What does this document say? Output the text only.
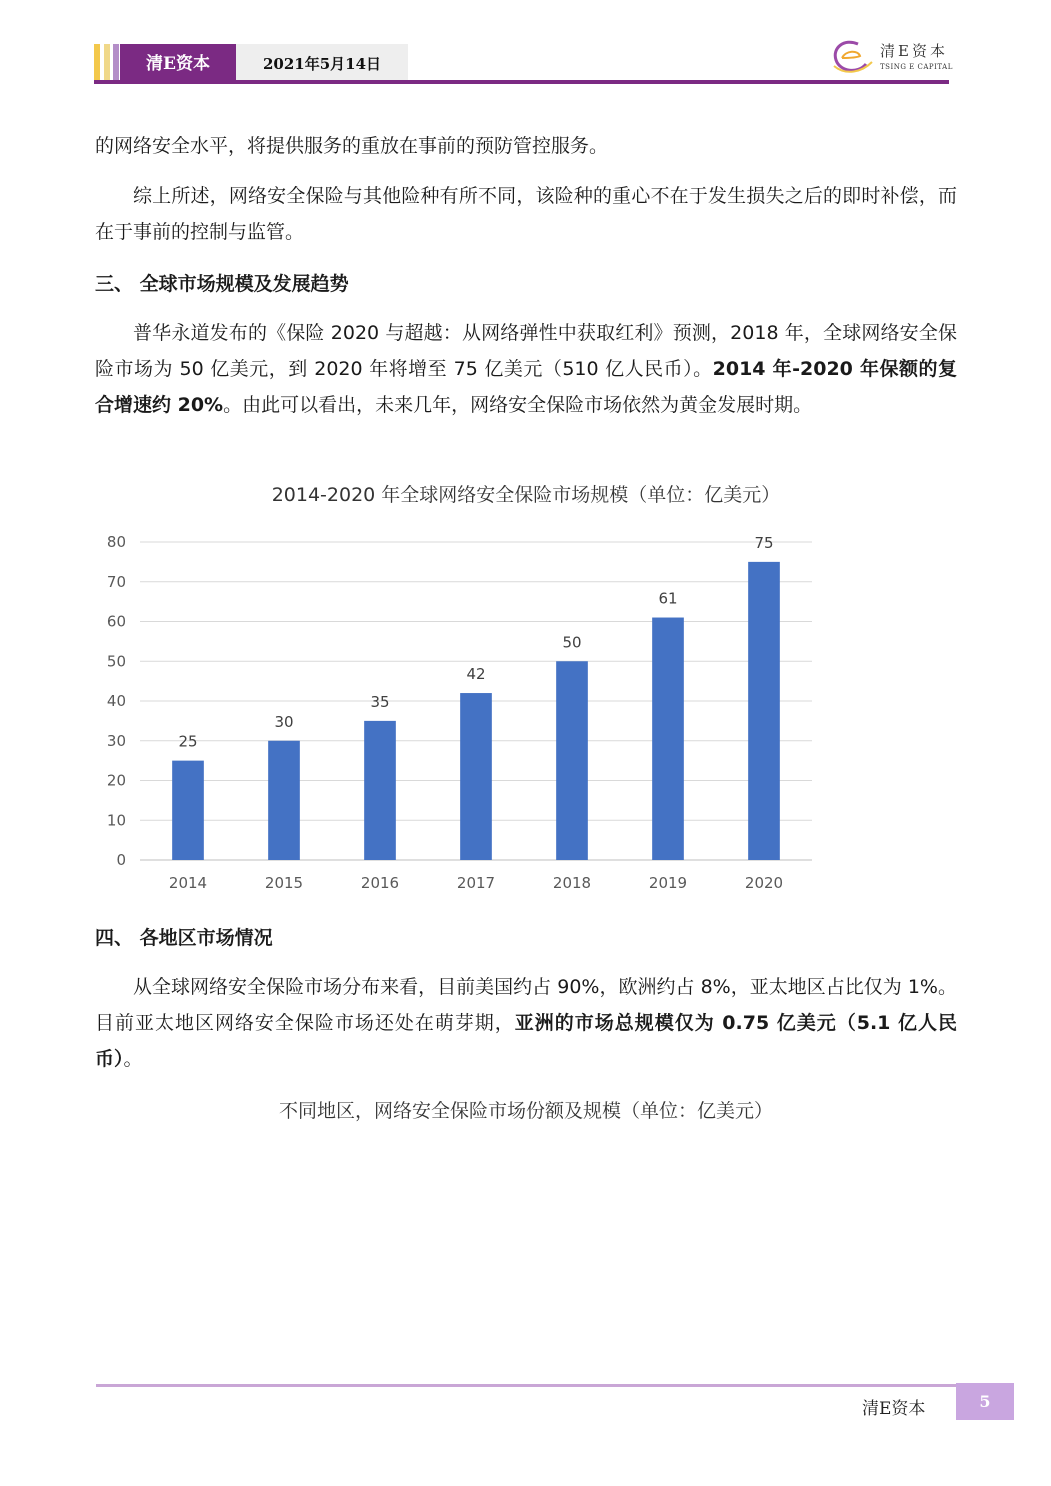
清E资本	2021年5月14日
清E资本
TSING E CAPITAL

的网络安全水平，将提供服务的重放在事前的预防管控服务。

综上所述，网络安全保险与其他险种有所不同，该险种的重心不在于发生损失之后的即时补偿，而在于事前的控制与监管。

三、 全球市场规模及发展趋势

普华永道发布的《保险 2020 与超越：从网络弹性中获取红利》预测，2018 年，全球网络安全保险市场为 50 亿美元，到 2020 年将增至 75 亿美元（510 亿人民币）。2014 年-2020 年保额的复合增速约 20%。由此可以看出，未来几年，网络安全保险市场依然为黄金发展时期。

2014-2020 年全球网络安全保险市场规模（单位：亿美元）
0
10
20
30
40
50
60
70
80
25
2014
30
2015
35
2016
42
2017
50
2018
61
2019
75
2020
四、 各地区市场情况

从全球网络安全保险市场分布来看，目前美国约占 90%，欧洲约占 8%，亚太地区占比仅为 1%。目前亚太地区网络安全保险市场还处在萌芽期，亚洲的市场总规模仅为 0.75 亿美元（5.1 亿人民币）。

不同地区，网络安全保险市场份额及规模（单位：亿美元）
清E资本	5
